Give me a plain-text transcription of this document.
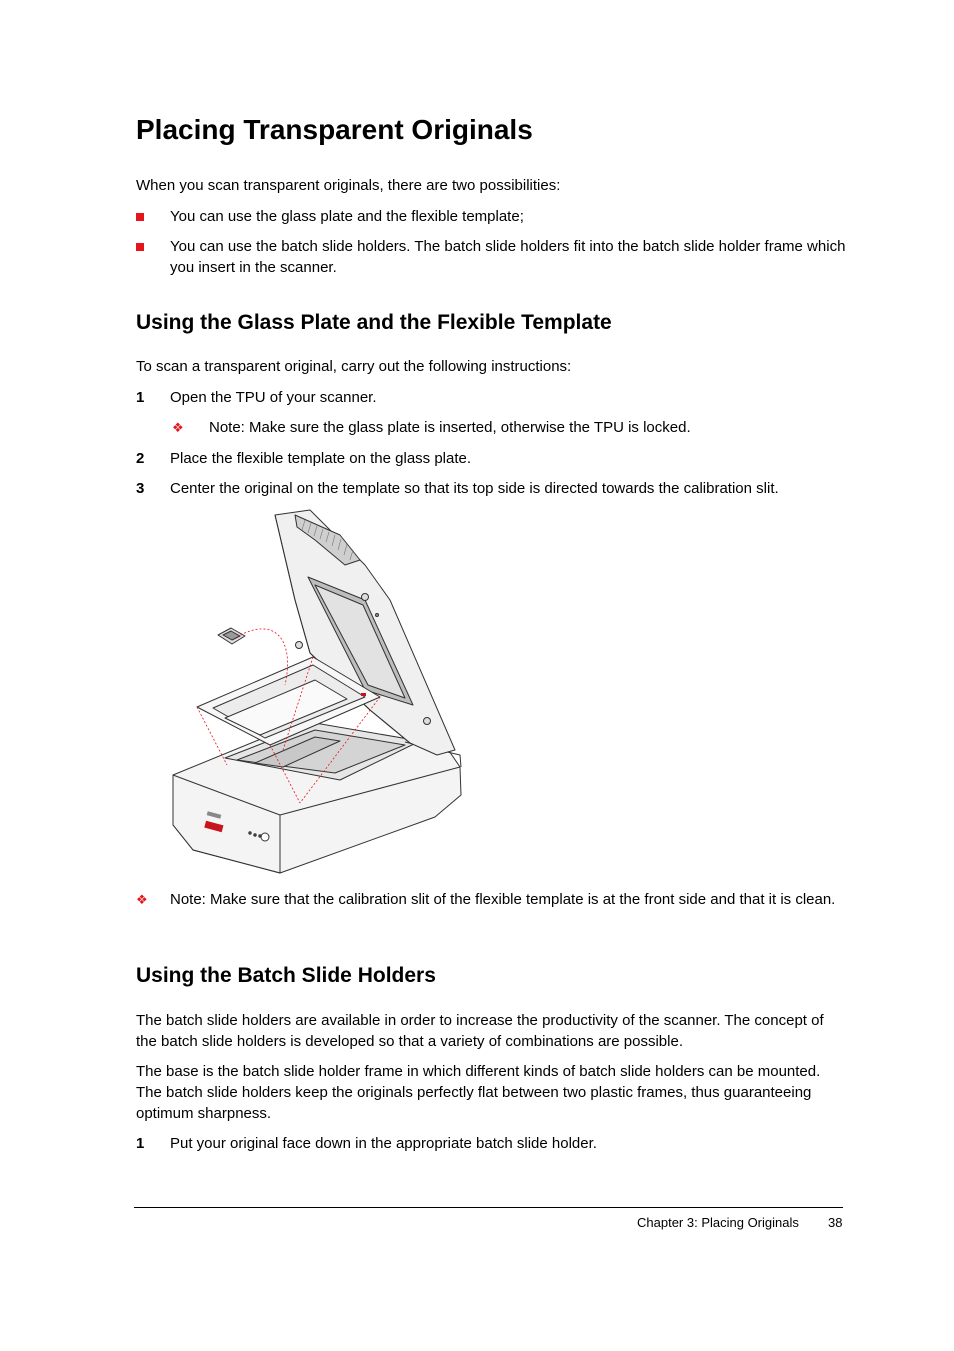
Placing Transparent Originals

When you scan transparent originals, there are two possibilities:

You can use the glass plate and the flexible template;
You can use the batch slide holders. The batch slide holders fit into the batch slide holder frame which you insert in the scanner.
Using the Glass Plate and the Flexible Template

To scan a transparent original, carry out the following instructions:

1 Open the TPU of your scanner.
❖ Note: Make sure the glass plate is inserted, otherwise the TPU is locked.
2 Place the flexible template on the glass plate.
3 Center the original on the template so that its top side is directed towards the calibration slit.
❖ Note: Make sure that the calibration slit of the flexible template is at the front side and that it is clean.
Using the Batch Slide Holders

The batch slide holders are available in order to increase the productivity of the scanner. The concept of the batch slide holders is developed so that a variety of combinations are possible.

The base is the batch slide holder frame in which different kinds of batch slide holders can be mounted. The batch slide holders keep the originals perfectly flat between two plastic frames, thus guaranteeing optimum sharpness.

1 Put your original face down in the appropriate batch slide holder.
Chapter 3: Placing Originals 38
